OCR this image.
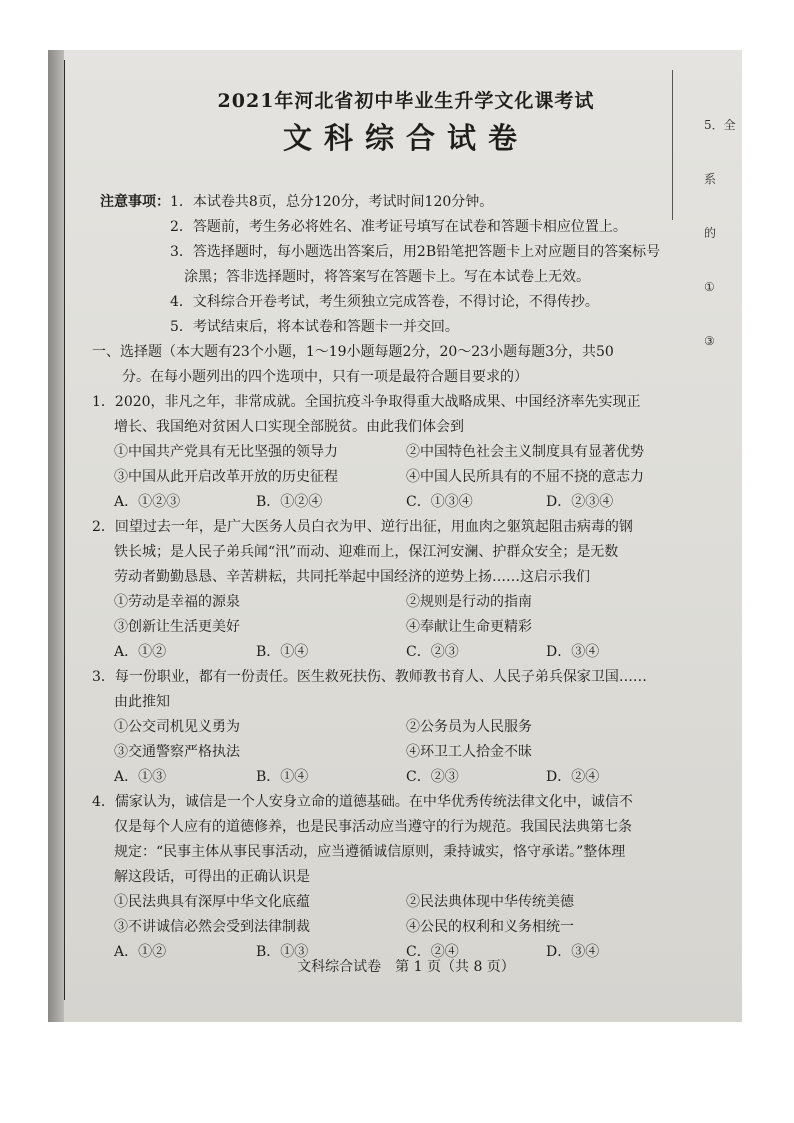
5．全

系

的

①

③

2021年河北省初中毕业生升学文化课考试
文科综合试卷
注意事项：1．本试卷共8页，总分120分，考试时间120分钟。
2．答题前，考生务必将姓名、准考证号填写在试卷和答题卡相应位置上。
3．答选择题时，每小题选出答案后，用2B铅笔把答题卡上对应题目的答案标号
涂黑；答非选择题时，将答案写在答题卡上。写在本试卷上无效。
4．文科综合开卷考试，考生须独立完成答卷，不得讨论，不得传抄。
5．考试结束后，将本试卷和答题卡一并交回。
一、选择题（本大题有23个小题，1～19小题每题2分，20～23小题每题3分，共50
分。在每小题列出的四个选项中，只有一项是最符合题目要求的）
1．2020，非凡之年，非常成就。全国抗疫斗争取得重大战略成果、中国经济率先实现正
增长、我国绝对贫困人口实现全部脱贫。由此我们体会到
①中国共产党具有无比坚强的领导力	②中国特色社会主义制度具有显著优势
③中国从此开启改革开放的历史征程	④中国人民所具有的不屈不挠的意志力
A．①②③	B．①②④	C．①③④	D．②③④
2．回望过去一年，是广大医务人员白衣为甲、逆行出征，用血肉之躯筑起阻击病毒的钢
铁长城；是人民子弟兵闻“汛”而动、迎难而上，保江河安澜、护群众安全；是无数
劳动者勤勤恳恳、辛苦耕耘，共同托举起中国经济的逆势上扬……这启示我们
①劳动是幸福的源泉	②规则是行动的指南
③创新让生活更美好	④奉献让生命更精彩
A．①②	B．①④	C．②③	D．③④
3．每一份职业，都有一份责任。医生救死扶伤、教师教书育人、人民子弟兵保家卫国……
由此推知
①公交司机见义勇为	②公务员为人民服务
③交通警察严格执法	④环卫工人拾金不昧
A．①③	B．①④	C．②③	D．②④
4．儒家认为，诚信是一个人安身立命的道德基础。在中华优秀传统法律文化中，诚信不
仅是每个人应有的道德修养，也是民事活动应当遵守的行为规范。我国民法典第七条
规定：“民事主体从事民事活动，应当遵循诚信原则，秉持诚实，恪守承诺。”整体理
解这段话，可得出的正确认识是
①民法典具有深厚中华文化底蕴	②民法典体现中华传统美德
③不讲诚信必然会受到法律制裁	④公民的权利和义务相统一
A．①②	B．①③	C．②④	D．③④
文科综合试卷　第 1 页（共 8 页）
